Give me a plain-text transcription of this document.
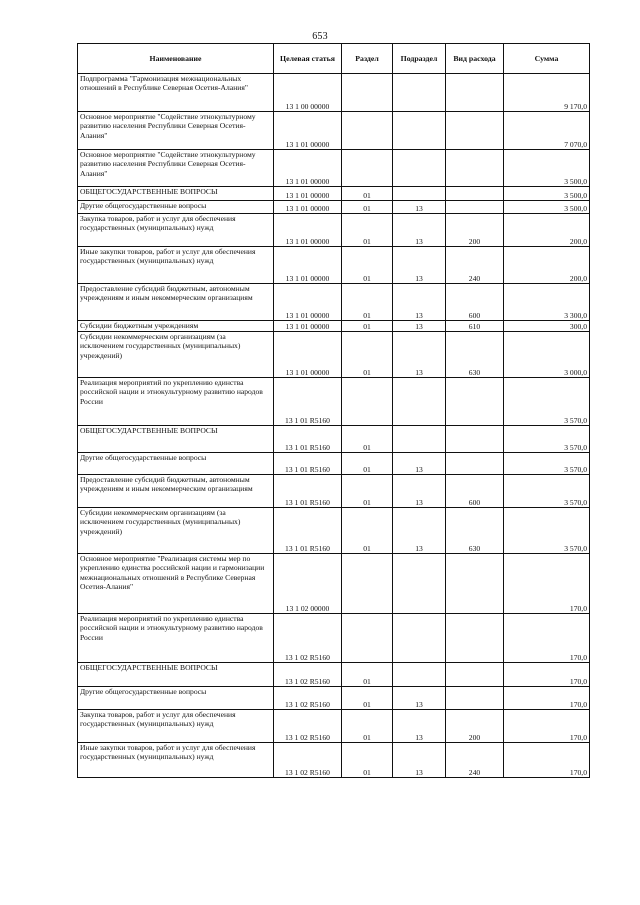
653
Наименование	Целевая статья	Раздел	Подраздел	Вид расхода	Сумма
Подпрограмма "Гармонизация межнациональных отношений в Республике Северная Осетия-Алания"	13 1 00 00000				9 170,0
Основное мероприятие "Содействие этнокультурному развитию населения Республики Северная Осетия-Алания"	13 1 01 00000				7 070,0
Основное мероприятие "Содействие этнокультурному развитию населения Республики Северная Осетия-Алания"	13 1 01 00000				3 500,0
ОБЩЕГОСУДАРСТВЕННЫЕ ВОПРОСЫ	13 1 01 00000	01			3 500,0
Другие общегосударственные вопросы	13 1 01 00000	01	13		3 500,0
Закупка товаров, работ и услуг для обеспечения государственных (муниципальных) нужд	13 1 01 00000	01	13	200	200,0
Иные закупки товаров, работ и услуг для обеспечения государственных (муниципальных) нужд	13 1 01 00000	01	13	240	200,0
Предоставление субсидий бюджетным, автономным учреждениям и иным некоммерческим организациям	13 1 01 00000	01	13	600	3 300,0
Субсидии бюджетным учреждениям	13 1 01 00000	01	13	610	300,0
Субсидии некоммерческим организациям (за исключением государственных (муниципальных) учреждений)	13 1 01 00000	01	13	630	3 000,0
Реализация мероприятий по укреплению единства российской нации и этнокультурному развитию народов России	13 1 01 R5160				3 570,0
ОБЩЕГОСУДАРСТВЕННЫЕ ВОПРОСЫ	13 1 01 R5160	01			3 570,0
Другие общегосударственные вопросы	13 1 01 R5160	01	13		3 570,0
Предоставление субсидий бюджетным, автономным учреждениям и иным некоммерческим организациям	13 1 01 R5160	01	13	600	3 570,0
Субсидии некоммерческим организациям (за исключением государственных (муниципальных) учреждений)	13 1 01 R5160	01	13	630	3 570,0
Основное мероприятие "Реализация системы мер по укреплению единства российской нации и гармонизации межнациональных отношений в Республике Северная Осетия-Алания"	13 1 02 00000				170,0
Реализация мероприятий по укреплению единства российской нации и этнокультурному развитию народов России	13 1 02 R5160				170,0
ОБЩЕГОСУДАРСТВЕННЫЕ ВОПРОСЫ	13 1 02 R5160	01			170,0
Другие общегосударственные вопросы	13 1 02 R5160	01	13		170,0
Закупка товаров, работ и услуг для обеспечения государственных (муниципальных) нужд	13 1 02 R5160	01	13	200	170,0
Иные закупки товаров, работ и услуг для обеспечения государственных (муниципальных) нужд	13 1 02 R5160	01	13	240	170,0
